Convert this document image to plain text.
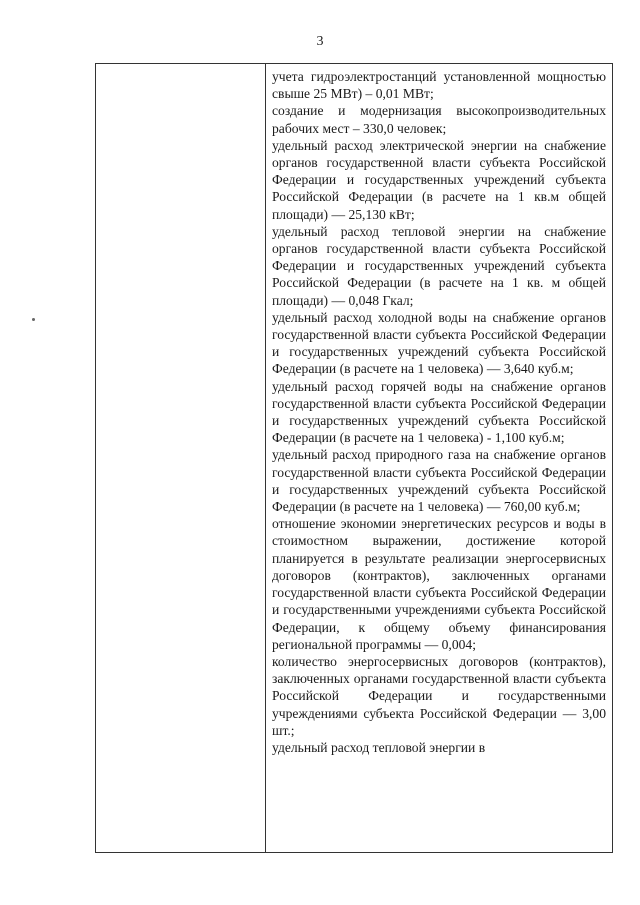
3

учета гидроэлектростанций установленной мощностью свыше 25 МВт) – 0,01 МВт;

создание и модернизация высокопроизводительных рабочих мест – 330,0 человек;

удельный расход электрической энергии на снабжение органов государственной власти субъекта Российской Федерации и государственных учреждений субъекта Российской Федерации (в расчете на 1 кв.м общей площади) — 25,130 кВт;

удельный расход тепловой энергии на снабжение органов государственной власти субъекта Российской Федерации и государственных учреждений субъекта Российской Федерации (в расчете на 1 кв. м общей площади) — 0,048 Гкал;

удельный расход холодной воды на снабжение органов государственной власти субъекта Российской Федерации и государственных учреждений субъекта Российской Федерации (в расчете на 1 человека) — 3,640 куб.м;

удельный расход горячей воды на снабжение органов государственной власти субъекта Российской Федерации и государственных учреждений субъекта Российской Федерации (в расчете на 1 человека) - 1,100 куб.м;

удельный расход природного газа на снабжение органов государственной власти субъекта Российской Федерации и государственных учреждений субъекта Российской Федерации (в расчете на 1 человека) — 760,00 куб.м;

отношение экономии энергетических ресурсов и воды в стоимостном выражении, достижение которой планируется в результате реализации энергосервисных договоров (контрактов), заключенных органами государственной власти субъекта Российской Федерации и государственными учреждениями субъекта Российской Федерации, к общему объему финансирования региональной программы — 0,004;

количество энергосервисных договоров (контрактов), заключенных органами государственной власти субъекта Российской Федерации и государственными учреждениями субъекта Российской Федерации — 3,00 шт.;

удельный расход тепловой энергии в
